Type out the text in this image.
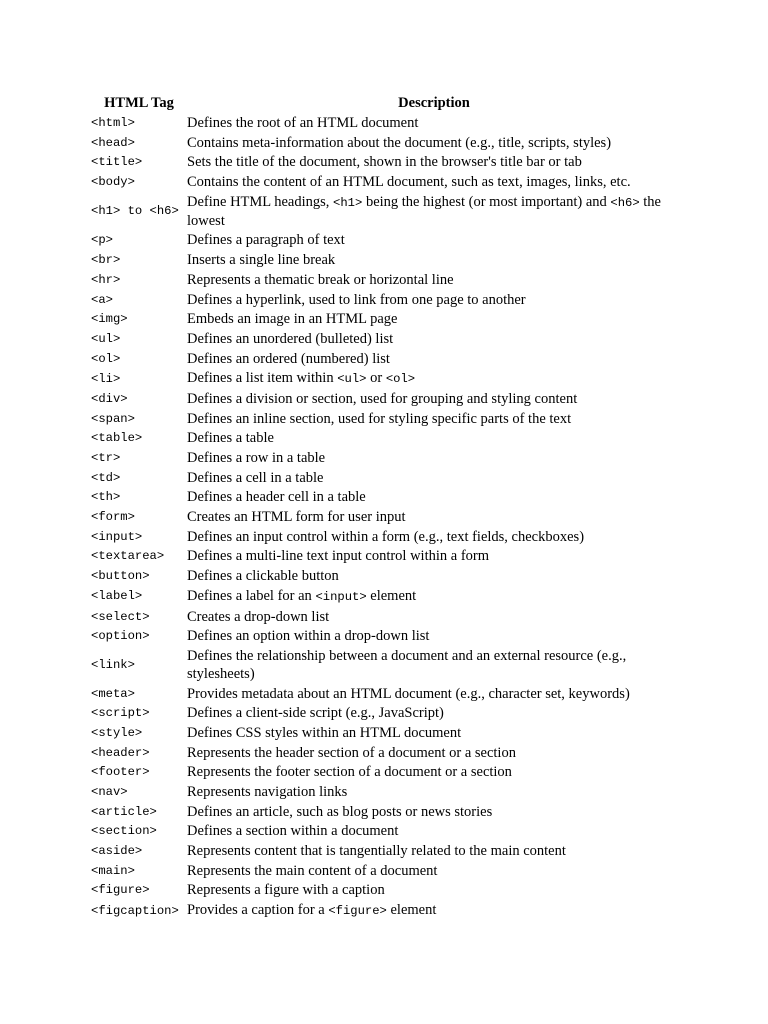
HTML Tag	Description
<html>	Defines the root of an HTML document
<head>	Contains meta-information about the document (e.g., title, scripts, styles)
<title>	Sets the title of the document, shown in the browser's title bar or tab
<body>	Contains the content of an HTML document, such as text, images, links, etc.
<h1> to <h6>	Define HTML headings, <h1> being the highest (or most important) and <h6> the lowest
<p>	Defines a paragraph of text
<br>	Inserts a single line break
<hr>	Represents a thematic break or horizontal line
<a>	Defines a hyperlink, used to link from one page to another
<img>	Embeds an image in an HTML page
<ul>	Defines an unordered (bulleted) list
<ol>	Defines an ordered (numbered) list
<li>	Defines a list item within <ul> or <ol>
<div>	Defines a division or section, used for grouping and styling content
<span>	Defines an inline section, used for styling specific parts of the text
<table>	Defines a table
<tr>	Defines a row in a table
<td>	Defines a cell in a table
<th>	Defines a header cell in a table
<form>	Creates an HTML form for user input
<input>	Defines an input control within a form (e.g., text fields, checkboxes)
<textarea>	Defines a multi-line text input control within a form
<button>	Defines a clickable button
<label>	Defines a label for an <input> element
<select>	Creates a drop-down list
<option>	Defines an option within a drop-down list
<link>	Defines the relationship between a document and an external resource (e.g., stylesheets)
<meta>	Provides metadata about an HTML document (e.g., character set, keywords)
<script>	Defines a client-side script (e.g., JavaScript)
<style>	Defines CSS styles within an HTML document
<header>	Represents the header section of a document or a section
<footer>	Represents the footer section of a document or a section
<nav>	Represents navigation links
<article>	Defines an article, such as blog posts or news stories
<section>	Defines a section within a document
<aside>	Represents content that is tangentially related to the main content
<main>	Represents the main content of a document
<figure>	Represents a figure with a caption
<figcaption>	Provides a caption for a <figure> element
